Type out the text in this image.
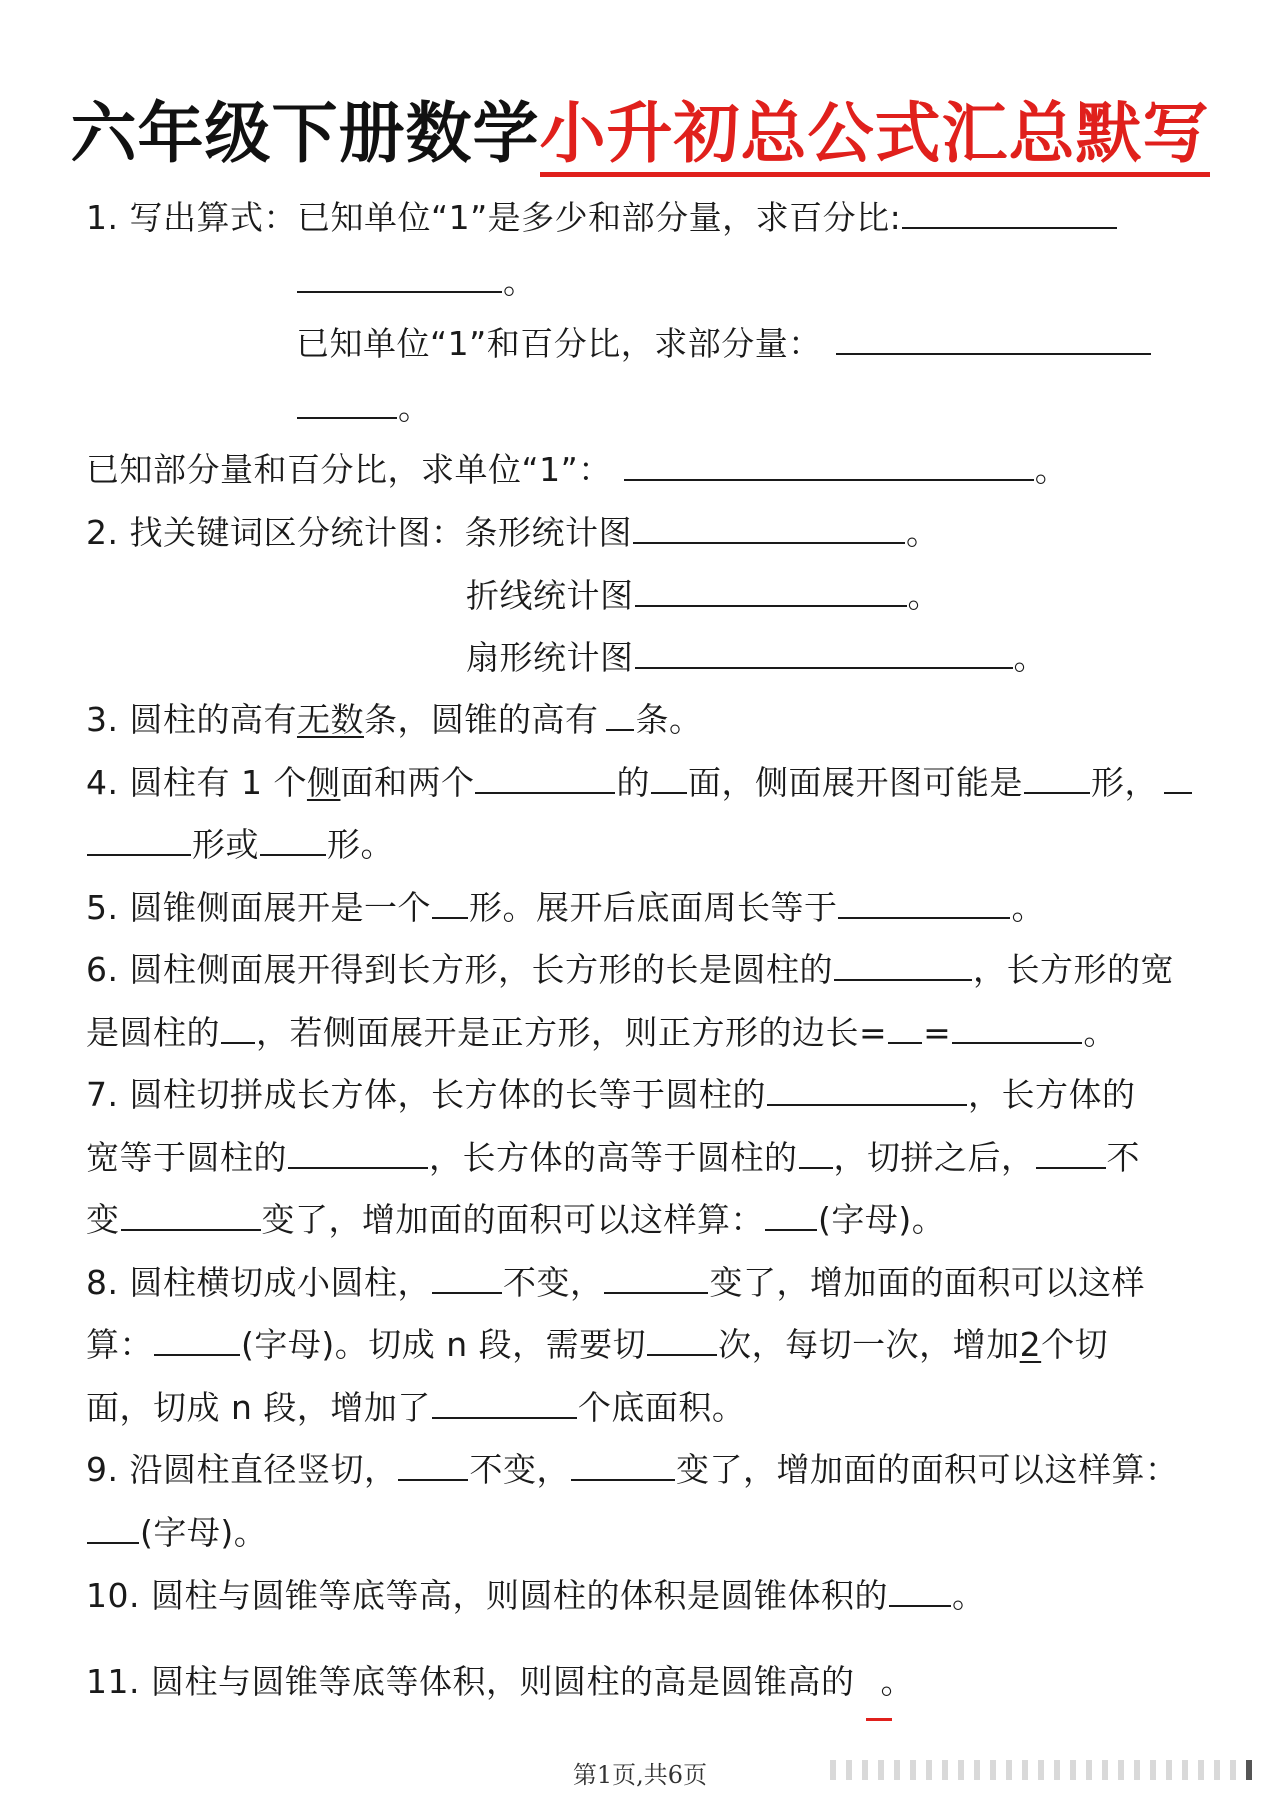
六年级下册数学小升初总公式汇总默写
1. 写出算式：已知单位“1”是多少和部分量，求百分比:
。
已知单位“1”和百分比，求部分量：
。
已知部分量和百分比，求单位“1”：	。
2. 找关键词区分统计图：条形统计图	。
折线统计图	。
扇形统计图	。
3. 圆柱的高有无数条，圆锥的高有 条。
4. 圆柱有 1 个侧面和两个	的 面，侧面展开图可能是 形，
形或 形。
5. 圆锥侧面展开是一个 形。展开后底面周长等于	。
6. 圆柱侧面展开得到长方形，长方形的长是圆柱的	，长方形的宽
是圆柱的 ，若侧面展开是正方形，则正方形的边长= =	。
7. 圆柱切拼成长方体，长方体的长等于圆柱的	，长方体的
宽等于圆柱的	，长方体的高等于圆柱的 ，切拼之后， 不
变	变了，增加面的面积可以这样算： (字母)。
8. 圆柱横切成小圆柱， 不变，	变了，增加面的面积可以这样
算：	(字母)。切成 n 段，需要切次，每切一次，增加2个切
面，切成 n 段，增加了	个底面积。
9. 沿圆柱直径竖切， 不变，	变了，增加面的面积可以这样算：
(字母)。
10. 圆柱与圆锥等底等高，则圆柱的体积是圆锥体积的。
11. 圆柱与圆锥等底等体积，则圆柱的高是圆锥高的。
第1页,共6页
